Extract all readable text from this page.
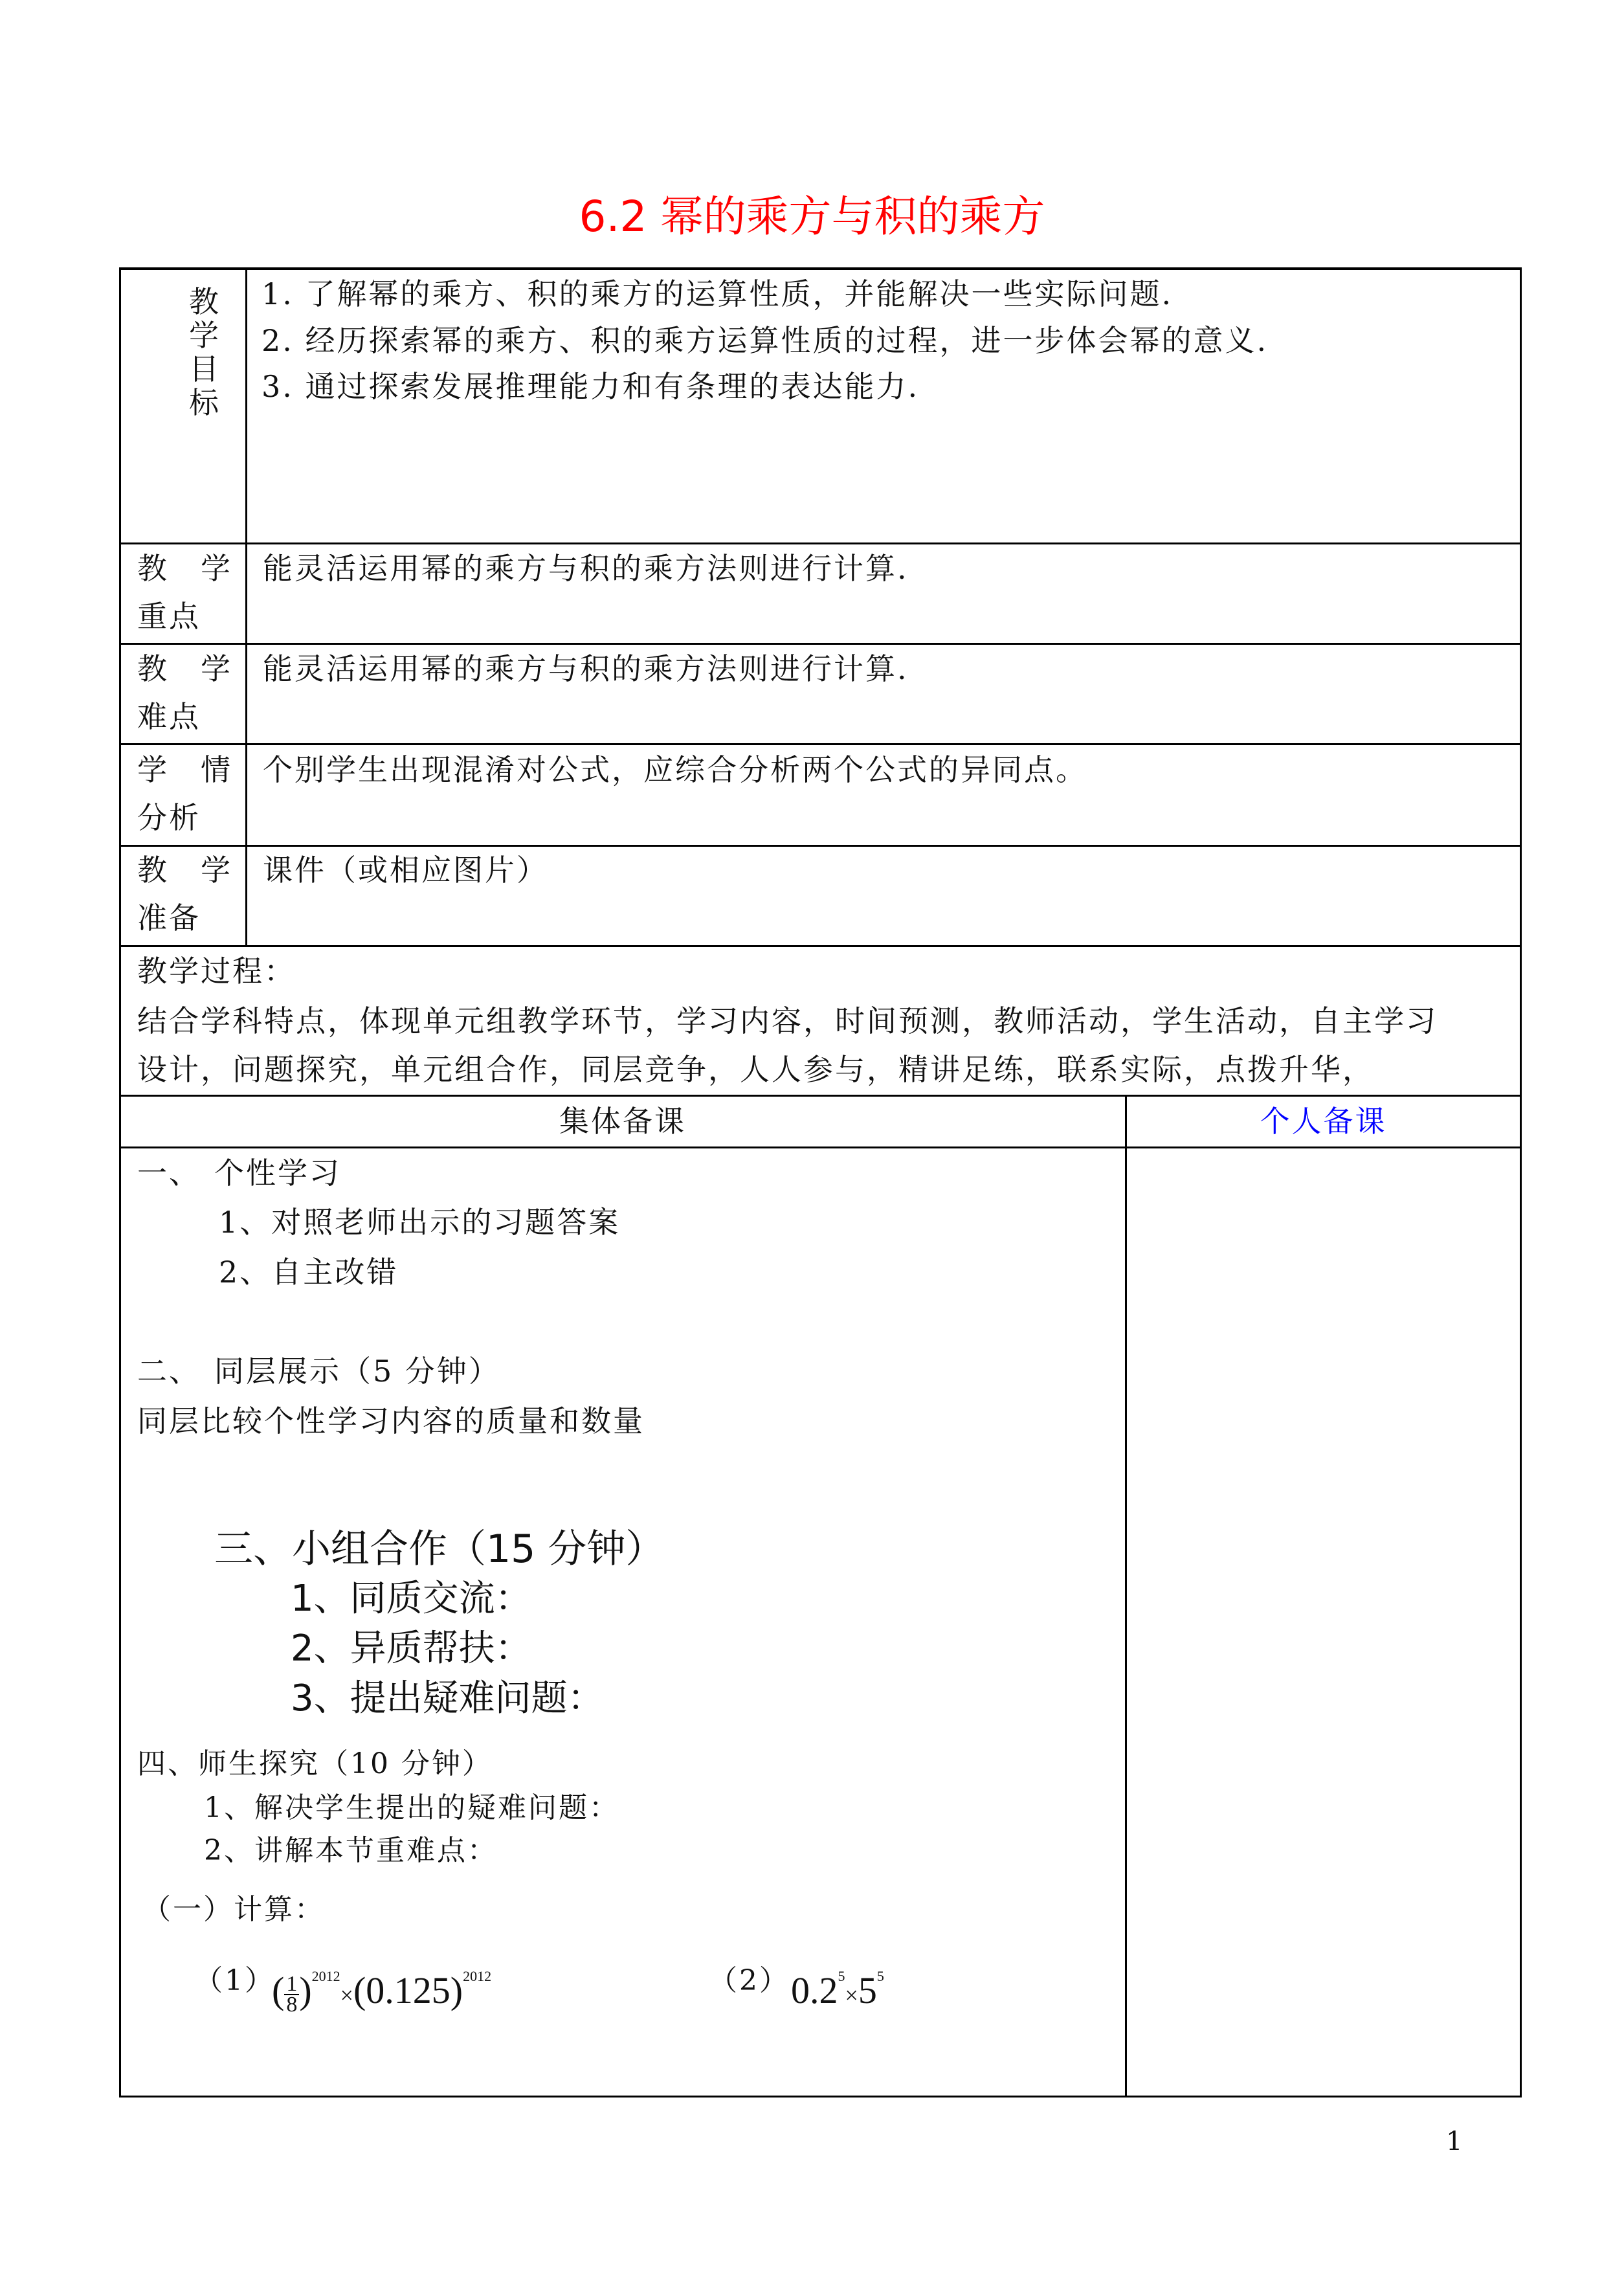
6.2 幂的乘方与积的乘方
教
学
目
标
1. 了解幂的乘方、积的乘方的运算性质，并能解决一些实际问题.
2. 经历探索幂的乘方、积的乘方运算性质的过程，进一步体会幂的意义.
3. 通过探索发展推理能力和有条理的表达能力.
教　学
重点
能灵活运用幂的乘方与积的乘方法则进行计算.
教　学
难点
能灵活运用幂的乘方与积的乘方法则进行计算.
学　情
分析
个别学生出现混淆对公式，应综合分析两个公式的异同点。
教　学
准备
课件（或相应图片）
教学过程：
结合学科特点，体现单元组教学环节，学习内容，时间预测，教师活动，学生活动，自主学习
设计，问题探究，单元组合作，同层竞争，人人参与，精讲足练，联系实际，点拨升华，
集体备课	个人备课
一、 个性学习
1、对照老师出示的习题答案
2、自主改错
二、 同层展示（5 分钟）
同层比较个性学习内容的质量和数量
三、小组合作（15 分钟）
1、同质交流：
2、异质帮扶：
3、提出疑难问题：
四、师生探究（10 分钟）
1、解决学生提出的疑难问题：
2、讲解本节重难点：
（一）计算：
（1）
( $\frac{1}{8} )^{2012}\times(0.125)^{2012}$	（2） $0.2^5\times 5^5$
1
